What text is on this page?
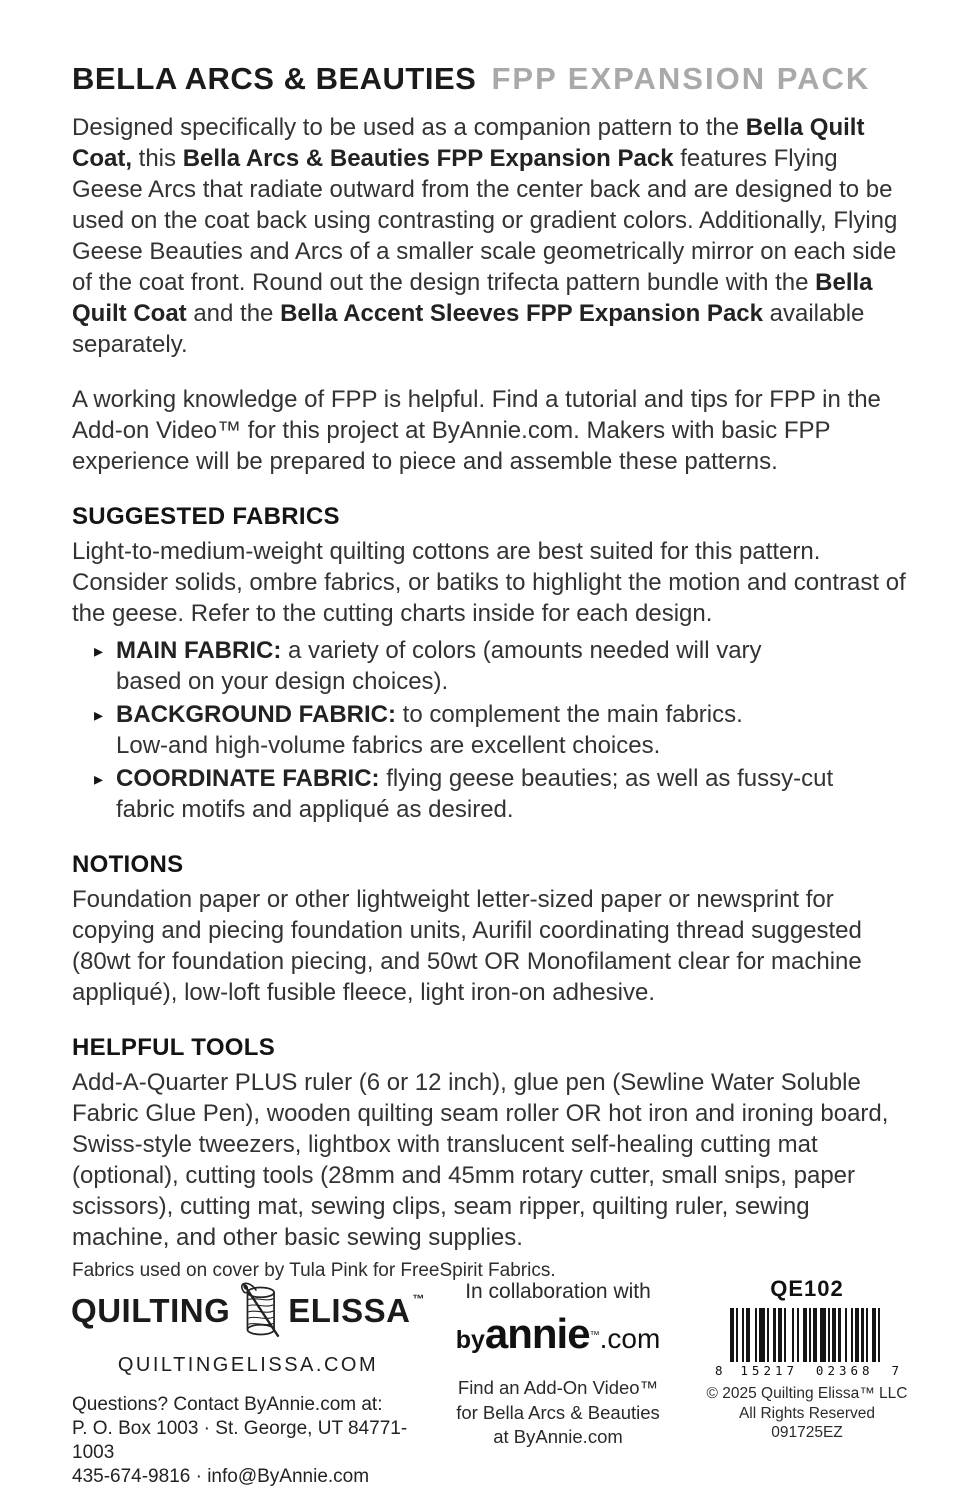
BELLA ARCS & BEAUTIES FPP EXPANSION PACK

Designed specifically to be used as a companion pattern to the Bella Quilt Coat, this Bella Arcs & Beauties FPP Expansion Pack features Flying Geese Arcs that radiate outward from the center back and are designed to be used on the coat back using contrasting or gradient colors. Additionally, Flying Geese Beauties and Arcs of a smaller scale geometrically mirror on each side of the coat front. Round out the design trifecta pattern bundle with the Bella Quilt Coat and the Bella Accent Sleeves FPP Expansion Pack available separately.

A working knowledge of FPP is helpful. Find a tutorial and tips for FPP in the Add-on Video™ for this project at ByAnnie.com. Makers with basic FPP experience will be prepared to piece and assemble these patterns.

SUGGESTED FABRICS

Light-to-medium-weight quilting cottons are best suited for this pattern. Consider solids, ombre fabrics, or batiks to highlight the motion and contrast of the geese. Refer to the cutting charts inside for each design.

▸ MAIN FABRIC: a variety of colors (amounts needed will vary
based on your design choices).
▸ BACKGROUND FABRIC: to complement the main fabrics.
Low-and high-volume fabrics are excellent choices.
▸ COORDINATE FABRIC: flying geese beauties; as well as fussy-cut
fabric motifs and appliqué as desired.
NOTIONS

Foundation paper or other lightweight letter-sized paper or newsprint for copying and piecing foundation units, Aurifil coordinating thread suggested (80wt for foundation piecing, and 50wt OR Monofilament clear for machine appliqué), low-loft fusible fleece, light iron-on adhesive.

HELPFUL TOOLS

Add-A-Quarter PLUS ruler (6 or 12 inch), glue pen (Sewline Water Soluble Fabric Glue Pen), wooden quilting seam roller OR hot iron and ironing board, Swiss-style tweezers, lightbox with translucent self-healing cutting mat (optional), cutting tools (28mm and 45mm rotary cutter, small snips, paper scissors), cutting mat, sewing clips, seam ripper, quilting ruler, sewing machine, and other basic sewing supplies.

Fabrics used on cover by Tula Pink for FreeSpirit Fabrics.
QUILTING ELISSA ™
QUILTINGELISSA.COM
Questions? Contact ByAnnie.com at:
P. O. Box 1003 · St. George, UT 84771-1003
435-674-9816 · info@ByAnnie.com
In collaboration with
byannie™.com
Find an Add-On Video™
for Bella Arcs & Beauties
at ByAnnie.com
QE102
8 15217 02368 7
© 2025 Quilting Elissa™ LLC
All Rights Reserved
091725EZ
